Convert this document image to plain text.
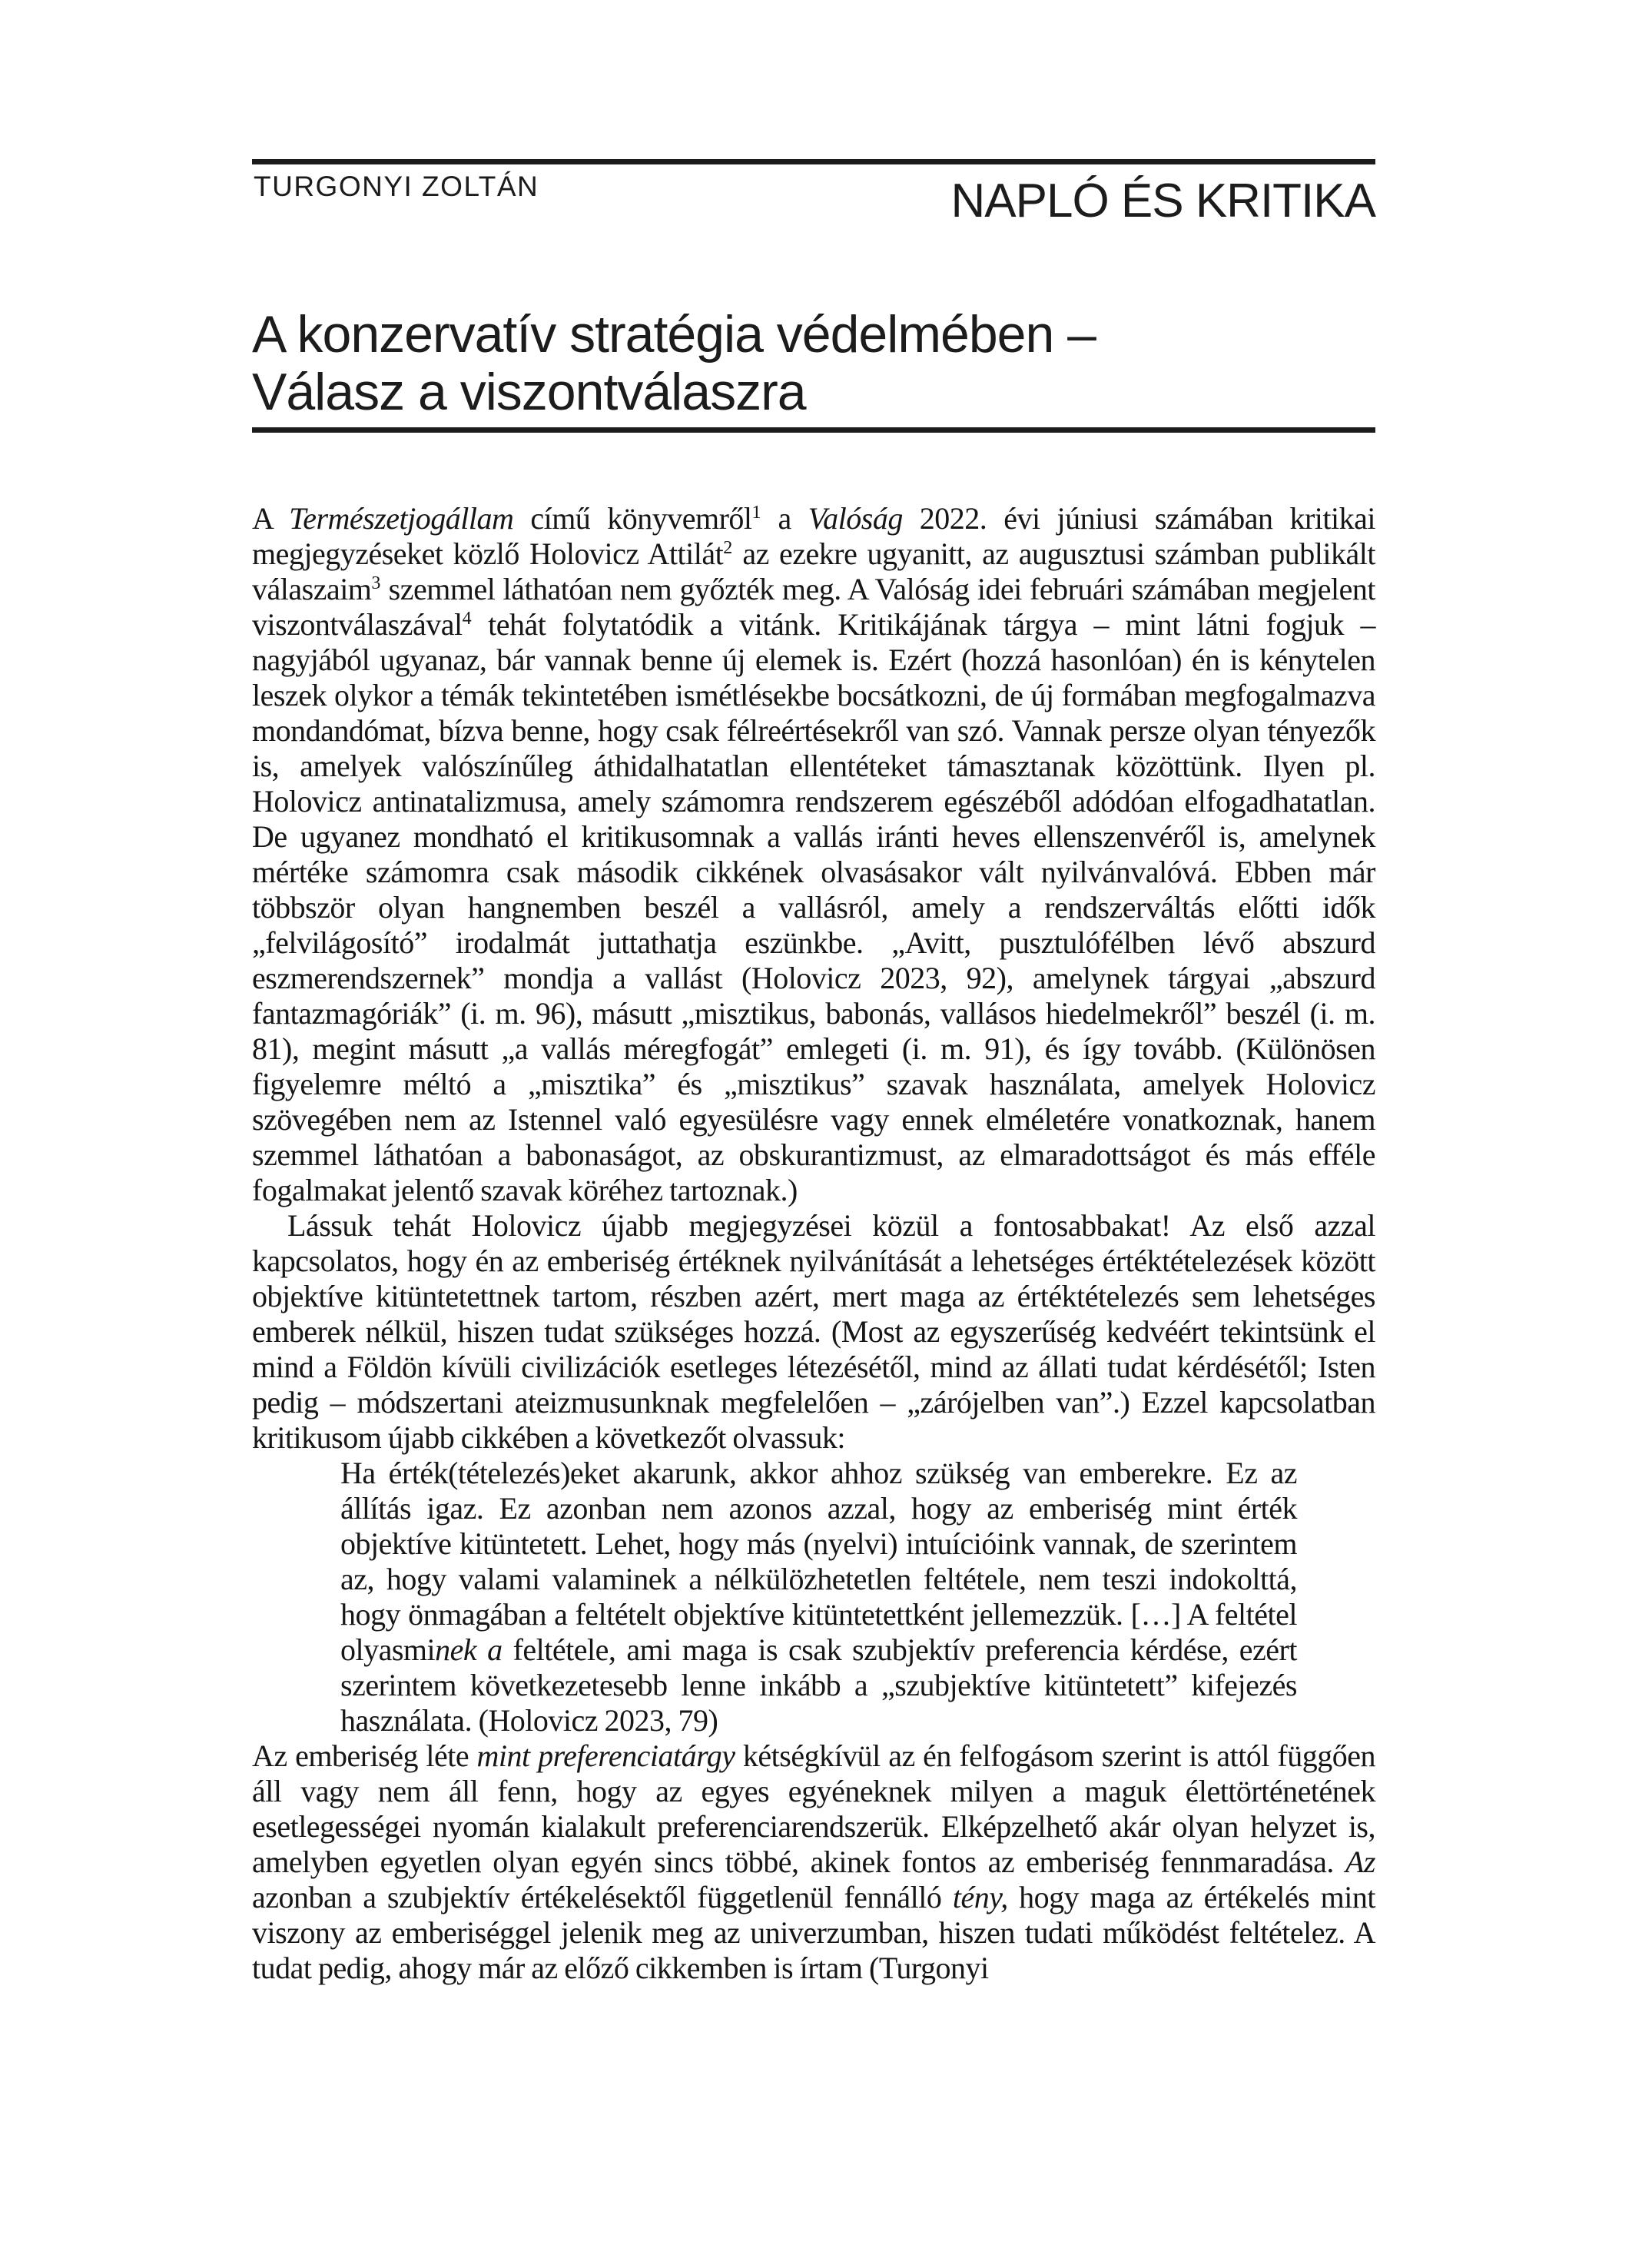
TURGONYI ZOLTÁN	NAPLÓ ÉS KRITIKA
A konzervatív stratégia védelmében –
Válasz a viszontválaszra

A Természetjogállam című könyvemről$^1$ a Valóság 2022. évi júniusi számában kritikai megjegyzéseket közlő Holovicz Attilát$^2$ az ezekre ugyanitt, az augusztusi számban publikált válaszaim$^3$ szemmel láthatóan nem győzték meg. A Valóság idei februári számában megjelent viszontválaszával$^4$ tehát folytatódik a vitánk. Kritikájának tárgya – mint látni fogjuk – nagyjából ugyanaz, bár vannak benne új elemek is. Ezért (hozzá hasonlóan) én is kénytelen leszek olykor a témák tekintetében ismétlésekbe bocsátkozni, de új formában megfogalmazva mondandómat, bízva benne, hogy csak félreértésekről van szó. Vannak persze olyan tényezők is, amelyek valószínűleg áthidalhatatlan ellentéteket támasztanak közöttünk. Ilyen pl. Holovicz antinatalizmusa, amely számomra rendszerem egészéből adódóan elfogadhatatlan. De ugyanez mondható el kritikusomnak a vallás iránti heves ellenszenvéről is, amelynek mértéke számomra csak második cikkének olvasásakor vált nyilvánvalóvá. Ebben már többször olyan hangnemben beszél a vallásról, amely a rendszerváltás előtti idők „felvilágosító” irodalmát juttathatja eszünkbe. „Avitt, pusztulófélben lévő abszurd eszmerendszernek” mondja a vallást (Holovicz 2023, 92), amelynek tárgyai „abszurd fantazmagóriák” (i. m. 96), másutt „misztikus, babonás, vallásos hiedelmekről” beszél (i. m. 81), megint másutt „a vallás méregfogát” emlegeti (i. m. 91), és így tovább. (Különösen figyelemre méltó a „misztika” és „misztikus” szavak használata, amelyek Holovicz szövegében nem az Istennel való egyesülésre vagy ennek elméletére vonatkoznak, hanem szemmel láthatóan a babonaságot, az obskurantizmust, az elmaradottságot és más efféle fogalmakat jelentő szavak köréhez tartoznak.)

Lássuk tehát Holovicz újabb megjegyzései közül a fontosabbakat! Az első azzal kapcsolatos, hogy én az emberiség értéknek nyilvánítását a lehetséges értéktételezések között objektíve kitüntetettnek tartom, részben azért, mert maga az értéktételezés sem lehetséges emberek nélkül, hiszen tudat szükséges hozzá. (Most az egyszerűség kedvéért tekintsünk el mind a Földön kívüli civilizációk esetleges létezésétől, mind az állati tudat kérdésétől; Isten pedig – módszertani ateizmusunknak megfelelően – „zárójelben van”.) Ezzel kapcsolatban kritikusom újabb cikkében a következőt olvassuk:

Ha érték(tételezés)eket akarunk, akkor ahhoz szükség van emberekre. Ez az állítás igaz. Ez azonban nem azonos azzal, hogy az emberiség mint érték objektíve kitüntetett. Lehet, hogy más (nyelvi) intuícióink vannak, de szerintem az, hogy valami valaminek a nélkülözhetetlen feltétele, nem teszi indokolttá, hogy önmagában a feltételt objektíve kitüntetettként jellemezzük. […] A feltétel olyasminek a feltétele, ami maga is csak szubjektív preferencia kérdése, ezért szerintem következetesebb lenne inkább a „szubjektíve kitüntetett” kifejezés használata. (Holovicz 2023, 79)

Az emberiség léte mint preferenciatárgy kétségkívül az én felfogásom szerint is attól függően áll vagy nem áll fenn, hogy az egyes egyéneknek milyen a maguk élettörténetének esetlegességei nyomán kialakult preferenciarendszerük. Elképzelhető akár olyan helyzet is, amelyben egyetlen olyan egyén sincs többé, akinek fontos az emberiség fennmaradása. Az azonban a szubjektív értékelésektől függetlenül fennálló tény, hogy maga az értékelés mint viszony az emberiséggel jelenik meg az univerzumban, hiszen tudati működést feltételez. A tudat pedig, ahogy már az előző cikkemben is írtam (Turgonyi
